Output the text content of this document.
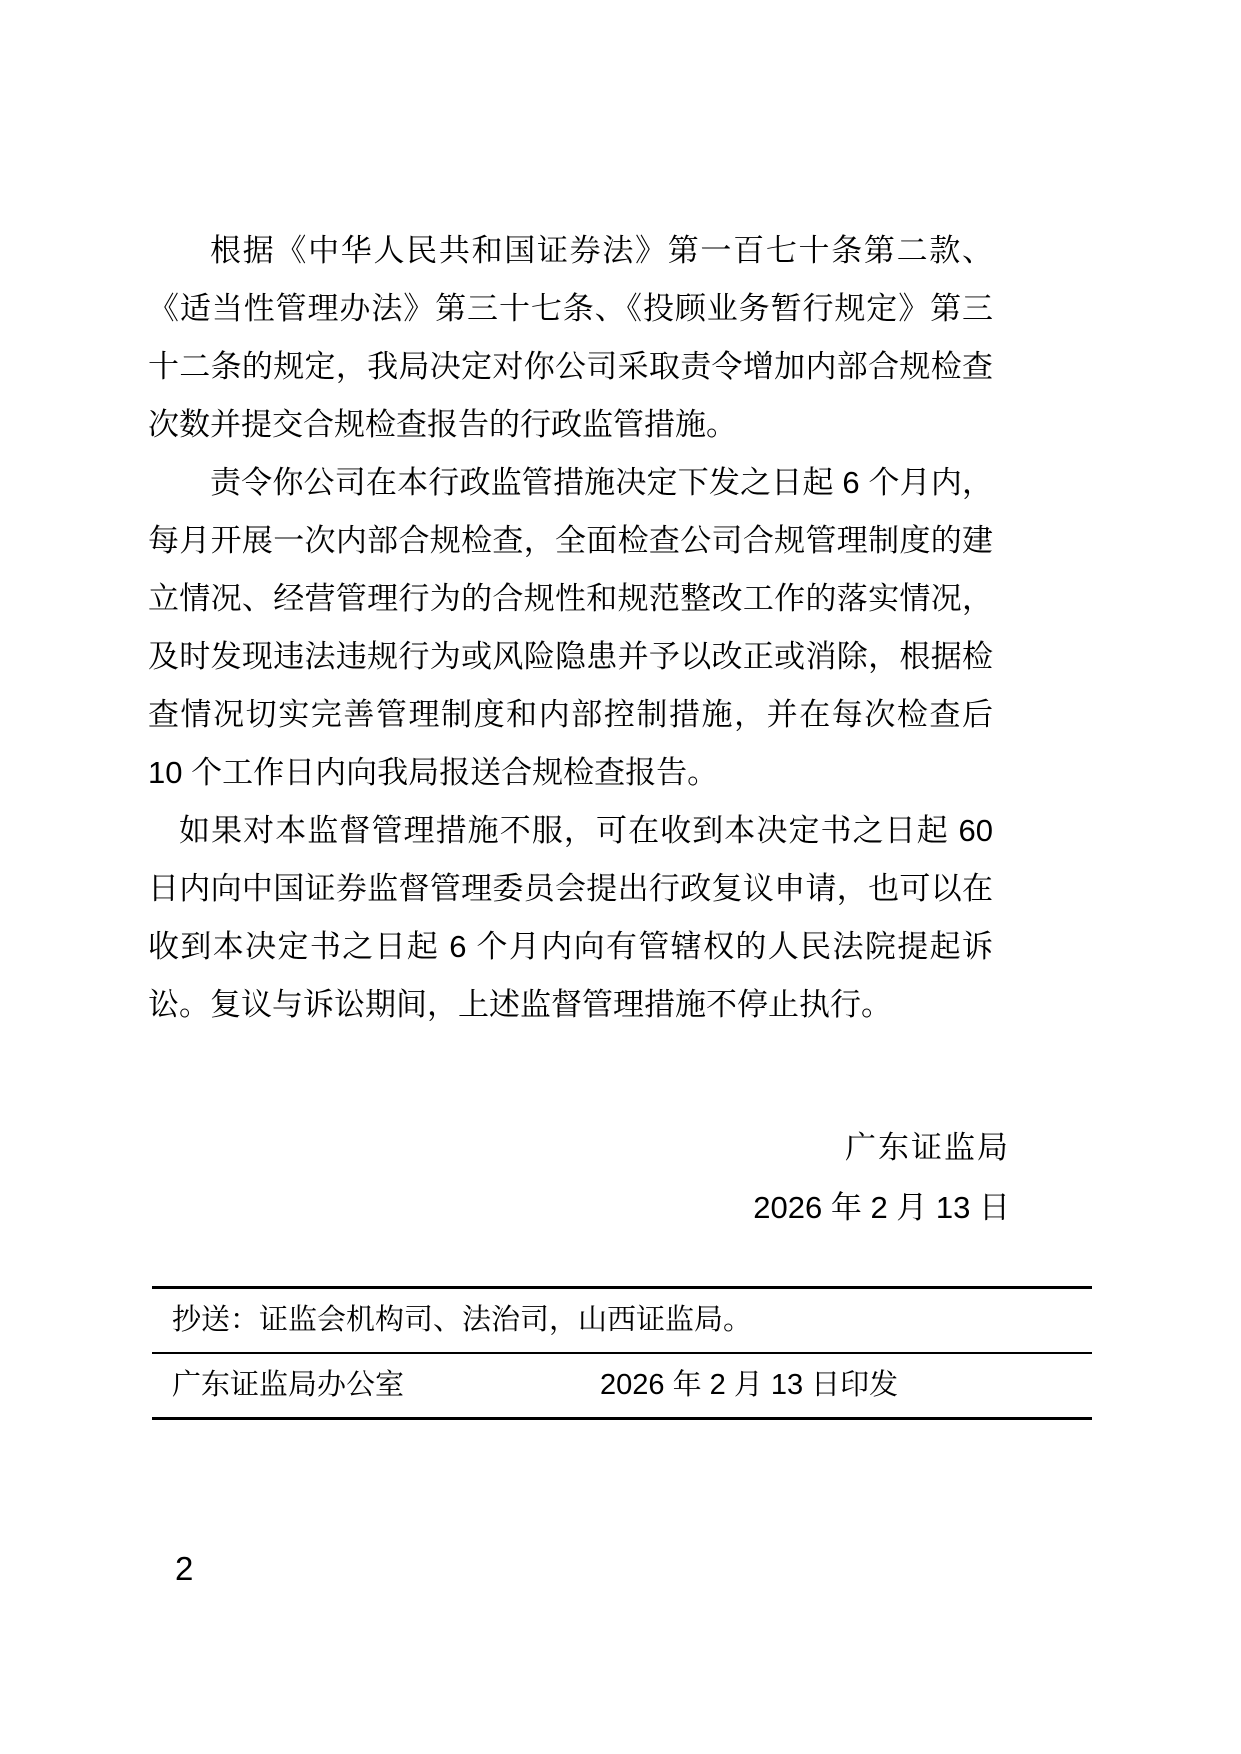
根据《中华人民共和国证券法》第一百七十条第二款、《适当性管理办法》第三十七条、《投顾业务暂行规定》第三十二条的规定，我局决定对你公司采取责令增加内部合规检查次数并提交合规检查报告的行政监管措施。

责令你公司在本行政监管措施决定下发之日起 6 个月内，每月开展一次内部合规检查，全面检查公司合规管理制度的建立情况、经营管理行为的合规性和规范整改工作的落实情况，及时发现违法违规行为或风险隐患并予以改正或消除，根据检查情况切实完善管理制度和内部控制措施，并在每次检查后 10 个工作日内向我局报送合规检查报告。

如果对本监督管理措施不服，可在收到本决定书之日起 60 日内向中国证券监督管理委员会提出行政复议申请，也可以在收到本决定书之日起 6 个月内向有管辖权的人民法院提起诉讼。复议与诉讼期间，上述监督管理措施不停止执行。

广东证监局
2026 年 2 月 13 日
抄送：证监会机构司、法治司，山西证监局。
广东证监局办公室	2026 年 2 月 13 日印发
2
